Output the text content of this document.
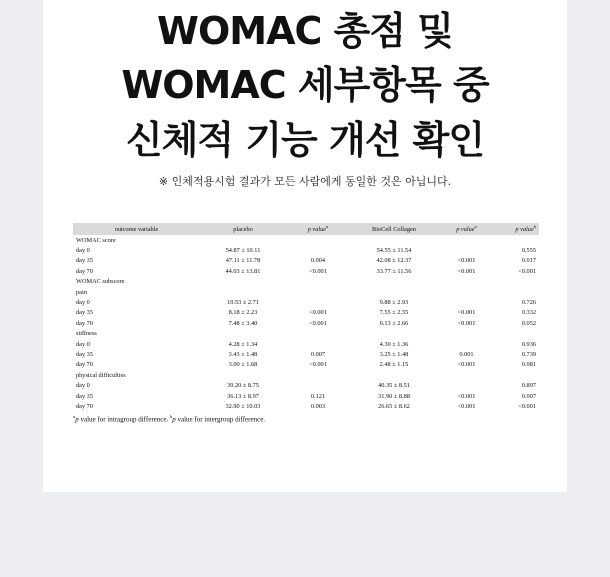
WOMAC 총점 및
WOMAC 세부항목 중
신체적 기능 개선 확인
※ 인체적용시험 결과가 모든 사람에게 동일한 것은 아닙니다.
outcome variable	placebo	p value$^a$	BioCell Collagen	p value$^a$	p value$^b$
WOMAC score					
day 0	54.87 ± 10.11		54.55 ± 11.54		0.555
day 35	47.11 ± 11.78	0.004	42.08 ± 12.37	<0.001	0.017
day 70	44.03 ± 13.81	<0.001	33.77 ± 11.56	<0.001	<0.001
WOMAC subscore					
pain					
day 0	10.53 ± 2.71		9.88 ± 2.93		0.726
day 35	8.18 ± 2.23	<0.001	7.55 ± 2.55	<0.001	0.332
day 70	7.48 ± 3.40	<0.001	6.13 ± 2.66	<0.001	0.052
stiffness					
day 0	4.28 ± 1.34		4.30 ± 1.36		0.936
day 35	3.43 ± 1.48	0.007	3.25 ± 1.48	0.001	0.739
day 70	3.00 ± 1.68	<0.001	2.48 ± 1.15	<0.001	0.081
physical difficulties					
day 0	39.20 ± 8.75		40.35 ± 8.51		0.897
day 35	36.13 ± 8.97	0.121	31.90 ± 8.88	<0.001	0.007
day 70	32.90 ± 10.03	0.003	26.65 ± 8.62	<0.001	<0.001
$^a$p value for intragroup difference. $^b$p value for intergroup difference.
